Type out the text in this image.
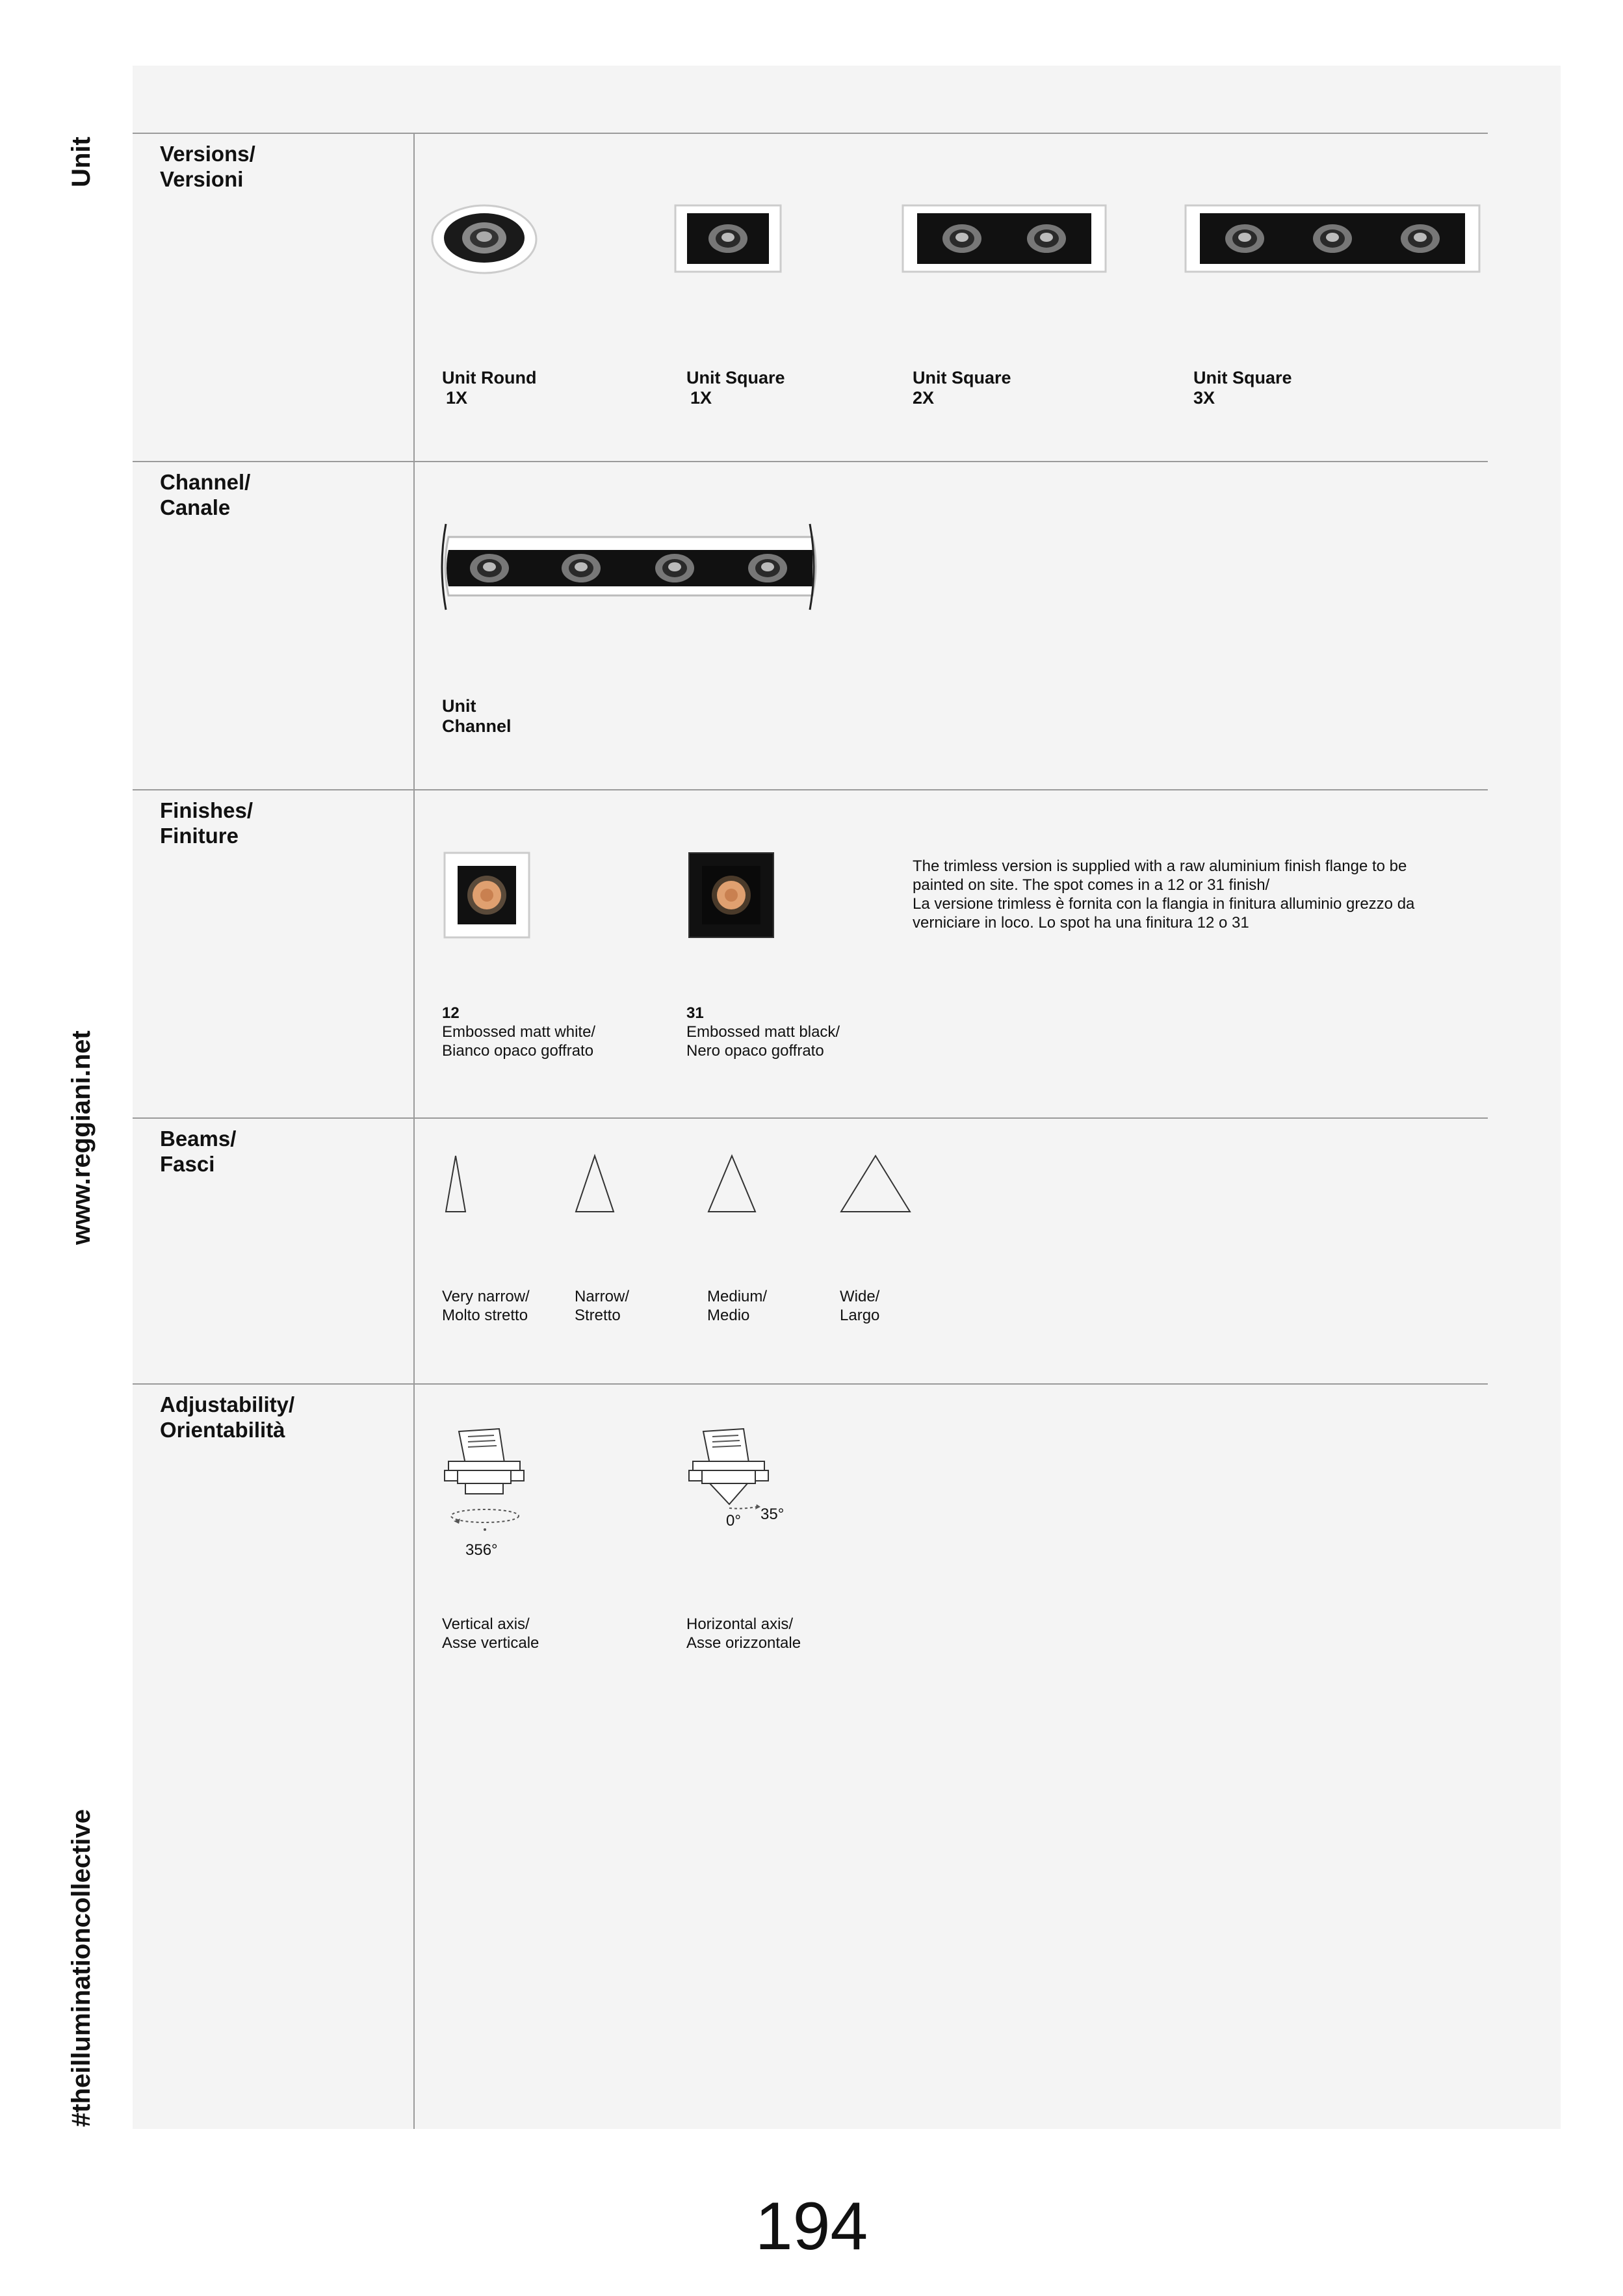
Unit
www.reggiani.net
#theilluminationcollective
Versions/
Versioni
Unit Round
1X
Unit Square
1X
Unit Square
2X
Unit Square
3X
Channel/
Canale
Unit
Channel
Finishes/
Finiture
12
Embossed matt white/
Bianco opaco goffrato
31
Embossed matt black/
Nero opaco goffrato
The trimless version is supplied with a raw aluminium finish flange to be
painted on site. The spot comes in a 12 or 31 finish/
La versione trimless è fornita con la flangia in finitura alluminio grezzo da
verniciare in loco. Lo spot ha una finitura 12 o 31
Beams/
Fasci
Very narrow/
Molto stretto
Narrow/
Stretto
Medium/
Medio
Wide/
Largo
Adjustability/
Orientabilità
356°
0° 35°
Vertical axis/
Asse verticale
Horizontal axis/
Asse orizzontale
194
